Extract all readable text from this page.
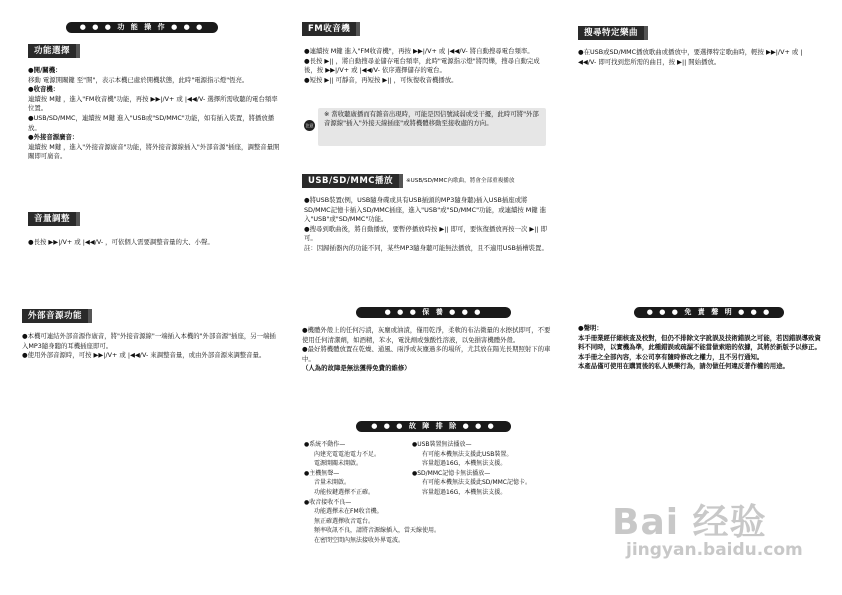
● ● ● 功 能 操 作 ● ● ●
功能選擇

●開/關機：

移動 電源開關鍵 至"開"，表示本機已處於開機狀態，此時"電源指示燈"恆亮。

●收音機：

連續按 M鍵 ，進入"FM收音機"功能，再按 ▶▶|/V+ 或 |◀◀/V- 選擇所需收聽的電台頻率位置。

●USB/SD/MMC，連續按 M鍵 進入"USB或"SD/MMC"功能，如有插入裝置，將播放播放。

●外接音源廣音：

連續按 M鍵 ，進入"外接音源廣音"功能，將外接音源線插入"外部音源"插座，調整音量開關即可廣音。

音量調整
●長按 ▶▶|/V+ 或 |◀◀/V- ，可依個人需要調整音量的大、小聲。
外部音源功能

●本機可連結外部音源作廣音，將"外接音源線"一端插入本機的"外部音源"插座，另一端插入MP3隨身聽的耳機插座即可。

●使用外部音源時，可按 ▶▶|/V+ 或 |◀◀/V- 來調整音量，或由外部音源來調整音量。

FM收音機

●連續按 M鍵 進入"FM收音機"，再按 ▶▶|/V+ 或 |◀◀/V- 將自動搜尋電台頻率。

●長按 ▶|| ，將自動搜尋並儲存電台頻率，此時"電源指示燈"將閃爍，搜尋自動完成後，按 ▶▶|/V+ 或 |◀◀/V- 依序選擇儲存的電台。

●短按 ▶|| 可靜音，再短按 ▶|| ，可恢復收音機播放。

注意
※ 當收聽廣播而有雜音出現時，可能是因信號減弱或受干擾，此時可將"外部音源線"插入"外接天線插座"或將機體移動至接收處的方向。
USB/SD/MMC播放	※USB/SD/MMC內歌曲，將會全部重複播放

●將USB裝置(例，USB隨身碟或具有USB插頭的MP3隨身聽)插入USB插座或將SD/MMC記憶卡插入SD/MMC插座，進入"USB"或"SD/MMC"功能，或連續按 M鍵 進入"USB"或"SD/MMC"功能。

●搜尋到歌曲後，將自動播放，要暫停播放時按 ▶|| 即可，要恢復播放再按一次 ▶|| 即可。

註：因歸插器內的功能不同，某些MP3隨身聽可能無法播放，且不適用USB插槽裝置。

● ● ● 保 養 ● ● ●

●機體外殼上的任何污漬，灰塵或油漬，僅用乾淨，柔軟的布沾微量的水擦拭即可，不要使用任何清潔劑，如酒精，苯水，電洗劑或強酸性溶液，以免損害機體外殼。

●最好將機體放置在乾燥、通風、兩淨或灰塵過多的場所，尤其放在陽光長期照射下的車中。

（人為的故障是無法獲得免費的維修）

● ● ● 故 障 排 除 ● ● ●

●系統不動作—

內建充電電池電力不足。

電源開關未開啟。

●主機無聲—

音量未開啟。

功能按鍵選擇不正確。

●收音接收不良—

功能選擇未在FM收音機。

無正確選擇收音電台。

頻率收訊不良，請將音源線插入，當天線使用。

在密閉空間內無法接收外界電波。

●USB裝置無法播放—

有可能本機無法支援此USB裝置。

容量超過16G，本機無法支援。

●SD/MMC記憶卡無法播放—

有可能本機無法支援此SD/MMC記憶卡。

容量超過16G，本機無法支援。

搜尋特定樂曲
●在USB或SD/MMC播放歌曲或播放中，要選擇特定歌曲時，輕按 ▶▶|/V+ 或 |◀◀/V- 即可找到您所需的曲目，按 ▶|| 開始播放。
● ● ● 免 責 聲 明 ● ● ●

●聲明：

本手冊業經仔細核查及校對，但仍不排除文字訛誤及技術錯誤之可能，若因錯誤導致資料不同時，以實機為準，此種錯誤或疏漏不能當做索賠的依據，其將於新版予以修正。

本手冊之全部內容，本公司享有隨時修改之權力，且不另行通知。

本產品僅可使用在購買後的私人娛樂行為，請勿做任何違反著作權的用途。

Bai 经验
jingyan.baidu.com
